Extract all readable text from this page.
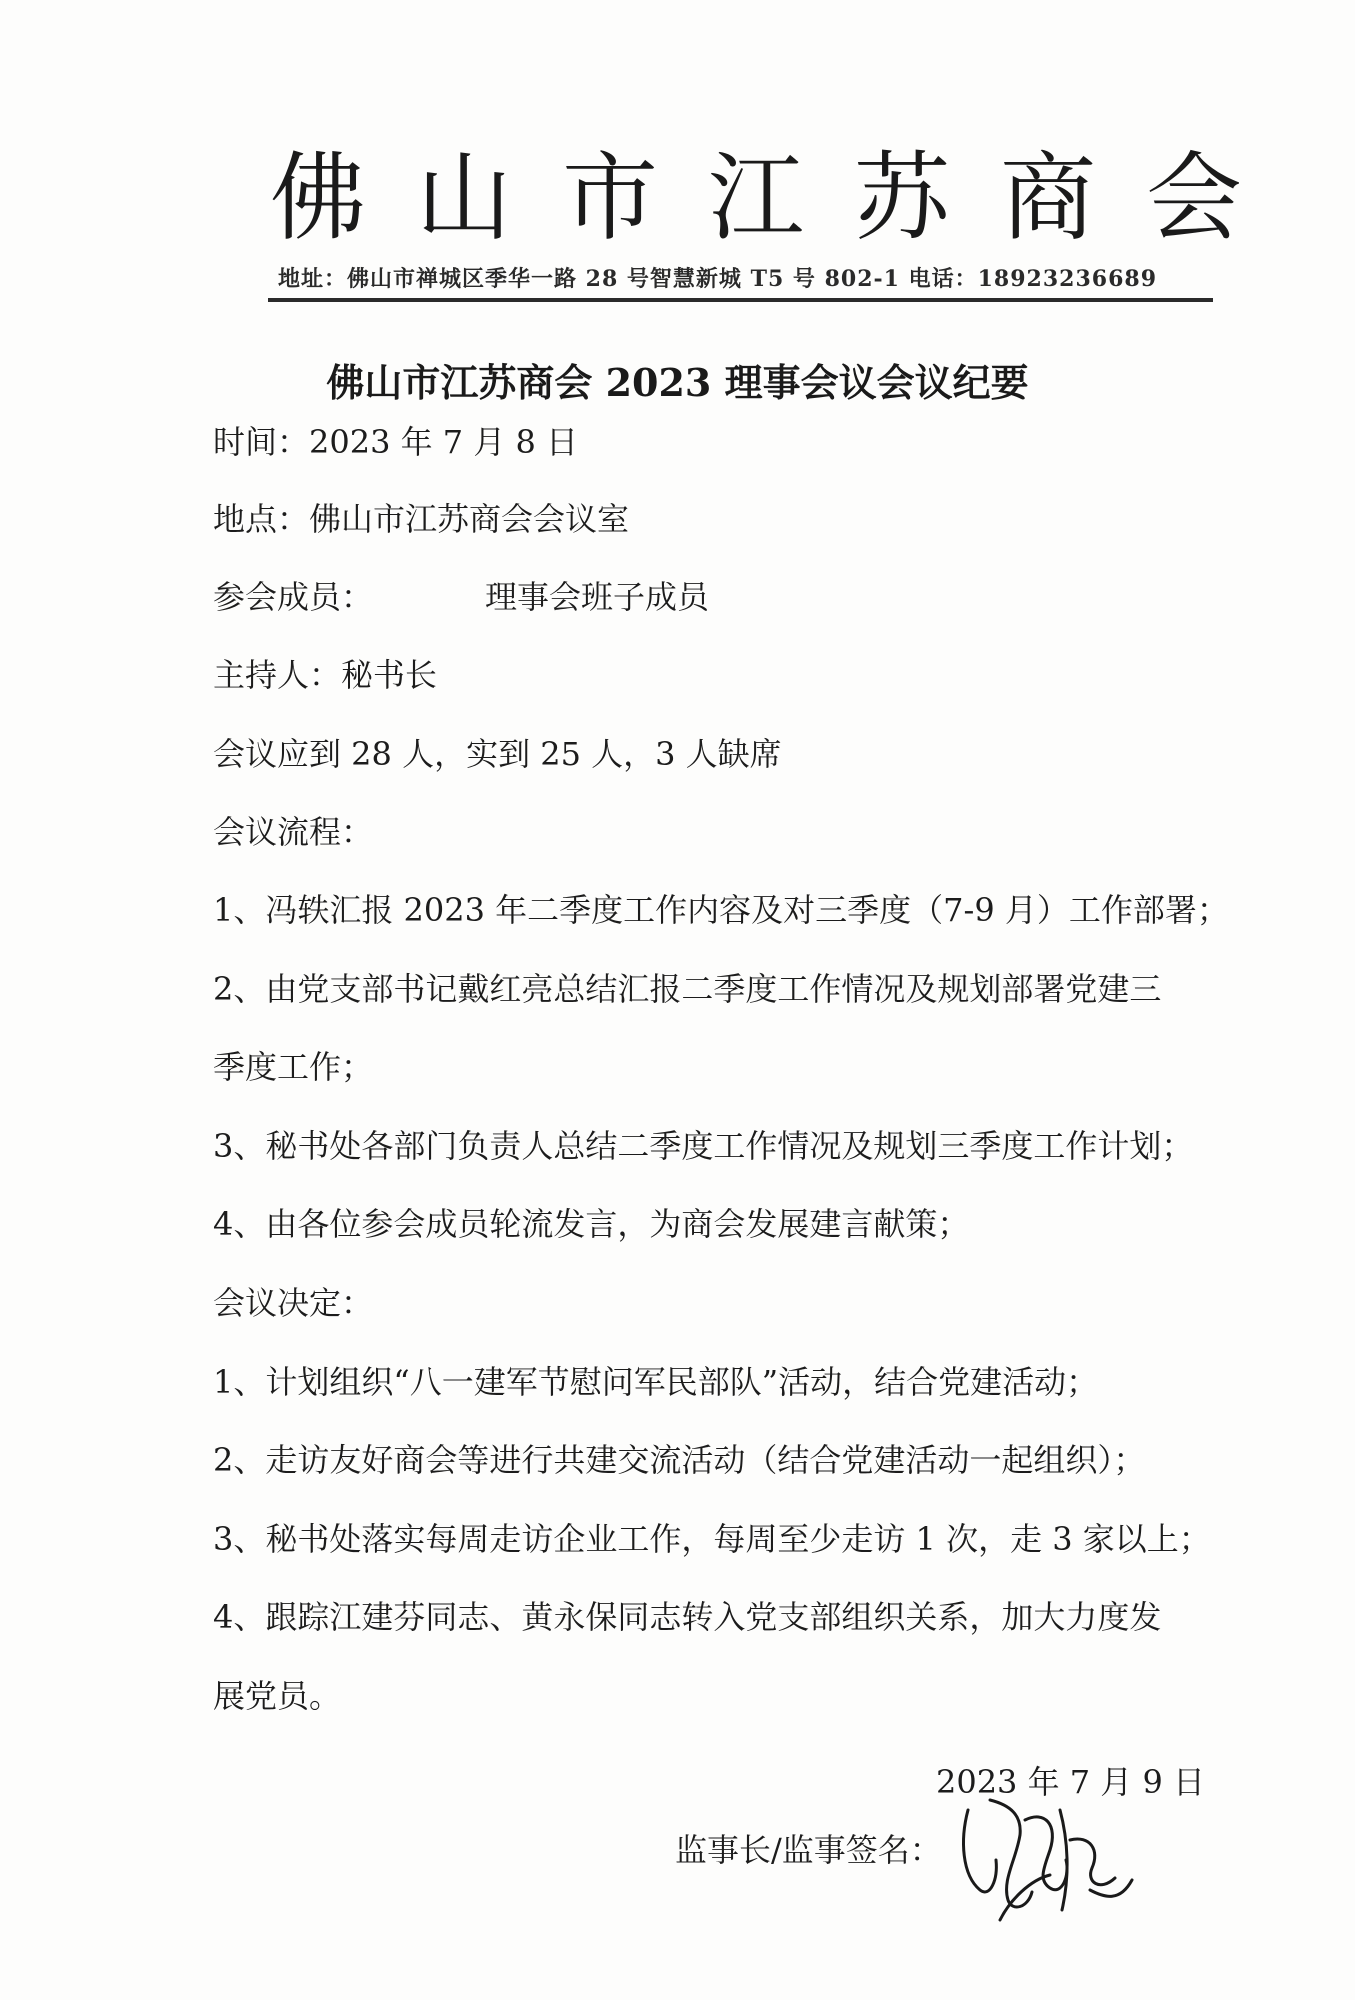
佛山市江苏商会
地址：佛山市禅城区季华一路 28 号智慧新城 T5 号 802-1 电话：18923236689
佛山市江苏商会 2023 理事会议会议纪要
时间：2023 年 7 月 8 日
地点：佛山市江苏商会会议室
参会成员：	理事会班子成员
主持人：秘书长
会议应到 28 人，实到 25 人，3 人缺席
会议流程：
1、冯轶汇报 2023 年二季度工作内容及对三季度（7-9 月）工作部署；
2、由党支部书记戴红亮总结汇报二季度工作情况及规划部署党建三
季度工作；
3、秘书处各部门负责人总结二季度工作情况及规划三季度工作计划；
4、由各位参会成员轮流发言，为商会发展建言献策；
会议决定：
1、计划组织“八一建军节慰问军民部队”活动，结合党建活动；
2、走访友好商会等进行共建交流活动（结合党建活动一起组织）；
3、秘书处落实每周走访企业工作，每周至少走访 1 次，走 3 家以上；
4、跟踪江建芬同志、黄永保同志转入党支部组织关系，加大力度发
展党员。
2023 年 7 月 9 日
监事长/监事签名：
